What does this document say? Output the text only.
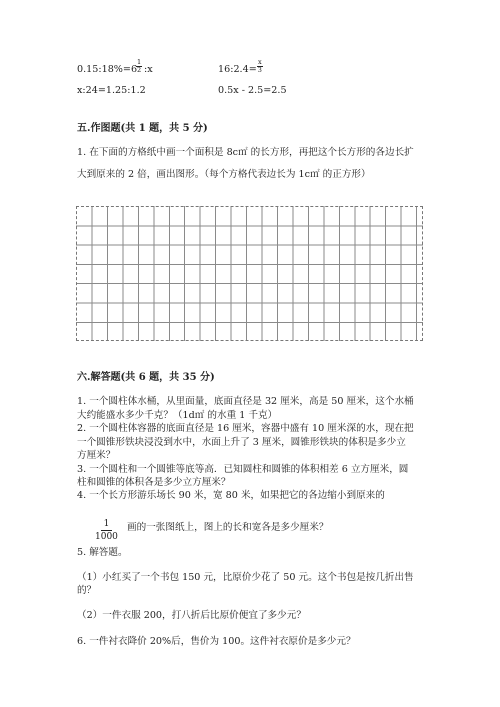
0.15:18%=6
$\frac{1}{2}$ :x	16:2.4= $\frac{x}{3}$
x:24=1.25:1.2	0.5x - 2.5=2.5
五.作图题(共 1 题，共 5 分)
1. 在下面的方格纸中画一个面积是 8c㎡ 的长方形，再把这个长方形的各边长扩
大到原来的 2 倍，画出图形。（每个方格代表边长为 1c㎡ 的正方形）
六.解答题(共 6 题，共 35 分)
1. 一个圆柱体水桶，从里面量，底面直径是 32 厘米，高是 50 厘米，这个水桶
大约能盛水多少千克？（1d㎡ 的水重 1 千克）
2. 一个圆柱体容器的底面直径是 16 厘米，容器中盛有 10 厘米深的水，现在把
一个圆锥形铁块浸没到水中，水面上升了 3 厘米，圆锥形铁块的体积是多少立
方厘米？
3. 一个圆柱和一个圆锥等底等高．已知圆柱和圆锥的体积相差 6 立方厘米，圆
柱和圆锥的体积各是多少立方厘米？
4. 一个长方形游乐场长 90 米，宽 80 米，如果把它的各边缩小到原来的
$\frac{1}{1000}$ 画的一张图纸上，图上的长和宽各是多少厘米？
5. 解答题。
（1）小红买了一个书包 150 元，比原价少花了 50 元。这个书包是按几折出售
的？
（2）一件衣服 200，打八折后比原价便宜了多少元？
6. 一件衬衣降价 20%后，售价为 100。这件衬衣原价是多少元？
